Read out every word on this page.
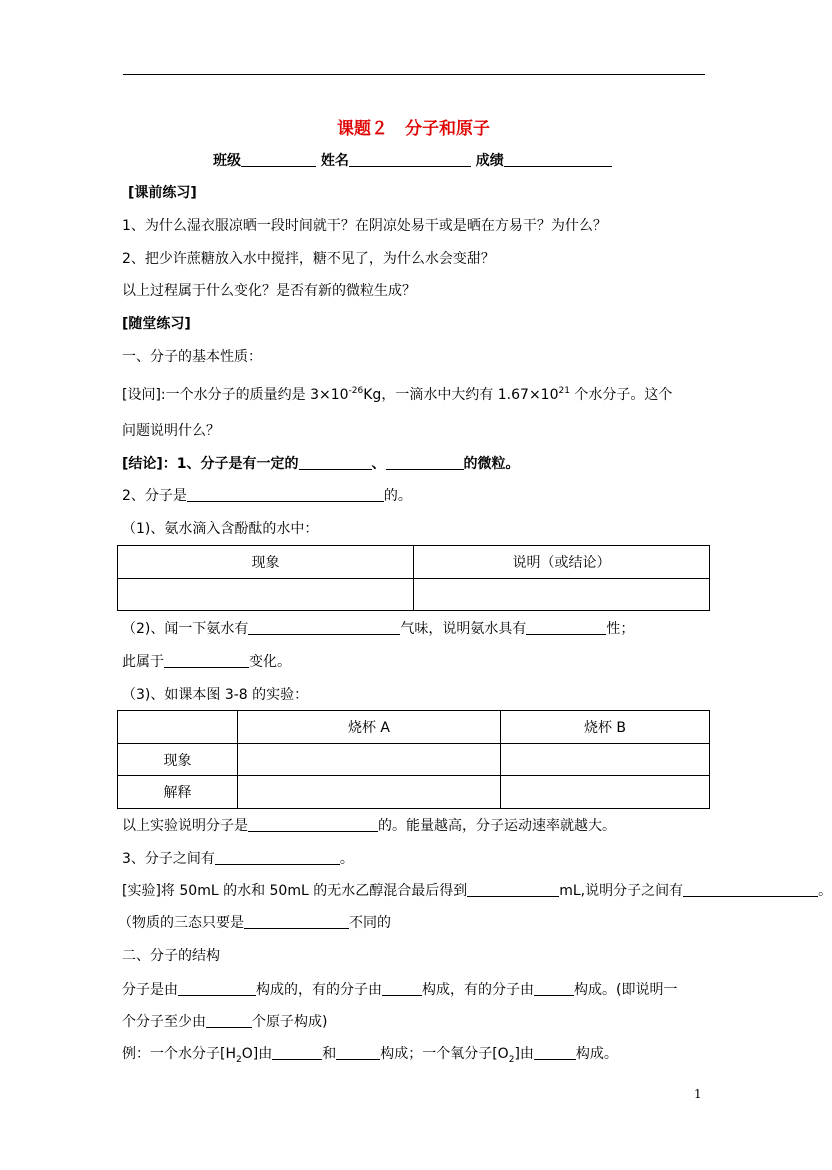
课题２　分子和原子
班级	姓名	成绩
[课前练习]
1、为什么湿衣服凉晒一段时间就干？在阴凉处易干或是晒在方易干？为什么？
2、把少许蔗糖放入水中搅拌，糖不见了，为什么水会变甜？
以上过程属于什么变化？是否有新的微粒生成？
[随堂练习]
一、分子的基本性质：
[设问]:一个水分子的质量约是 $3\times 10^{-26}Kg$，一滴水中大约有 $1.67\times 10^{21}$ 个水分子。这个
问题说明什么？
[结论]：1、分子是有一定的	、	的微粒。
2、分子是	的。
（1)、氨水滴入含酚酞的水中：
现象	说明（或结论）

（2)、闻一下氨水有	气味，说明氨水具有	性；
此属于	变化。
（3)、如课本图 3-8 的实验：
	烧杯 A	烧杯 B
现象		
解释		
以上实验说明分子是	的。能量越高，分子运动速率就越大。
3、分子之间有	。
[实验]将 50mL 的水和 50mL 的无水乙醇混合最后得到	mL,说明分子之间有	。
（物质的三态只要是	不同的
二、分子的结构
分子是由	构成的，有的分子由	构成，有的分子由	构成。(即说明一
个分子至少由	个原子构成)
例：一个水分子$[H_2O]$由	和	构成；一个氧分子$[O_2]$由	构成。
1
